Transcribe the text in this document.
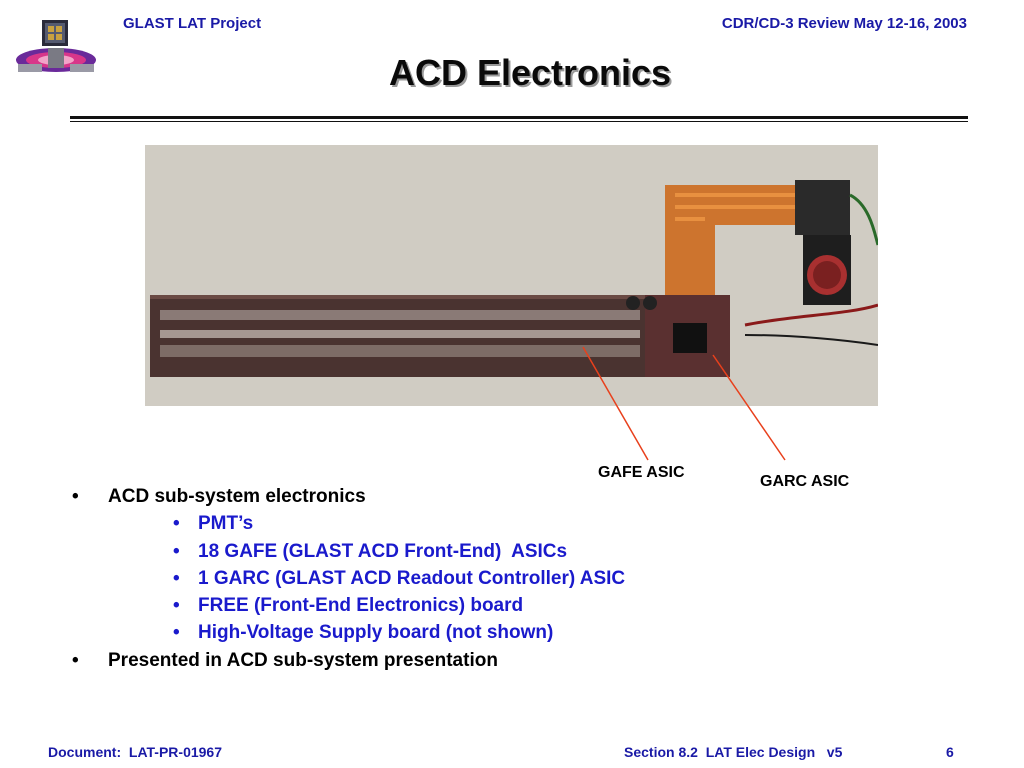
GLAST LAT Project	CDR/CD-3 Review May 12-16, 2003
ACD Electronics
GAFE ASIC
GARC ASIC
• ACD sub-system electronics
• PMT’s
• 18 GAFE (GLAST ACD Front-End)  ASICs
• 1 GARC (GLAST ACD Readout Controller) ASIC
• FREE (Front-End Electronics) board
• High-Voltage Supply board (not shown)
• Presented in ACD sub-system presentation
Document:  LAT-PR-01967	Section 8.2  LAT Elec Design   v5	6
